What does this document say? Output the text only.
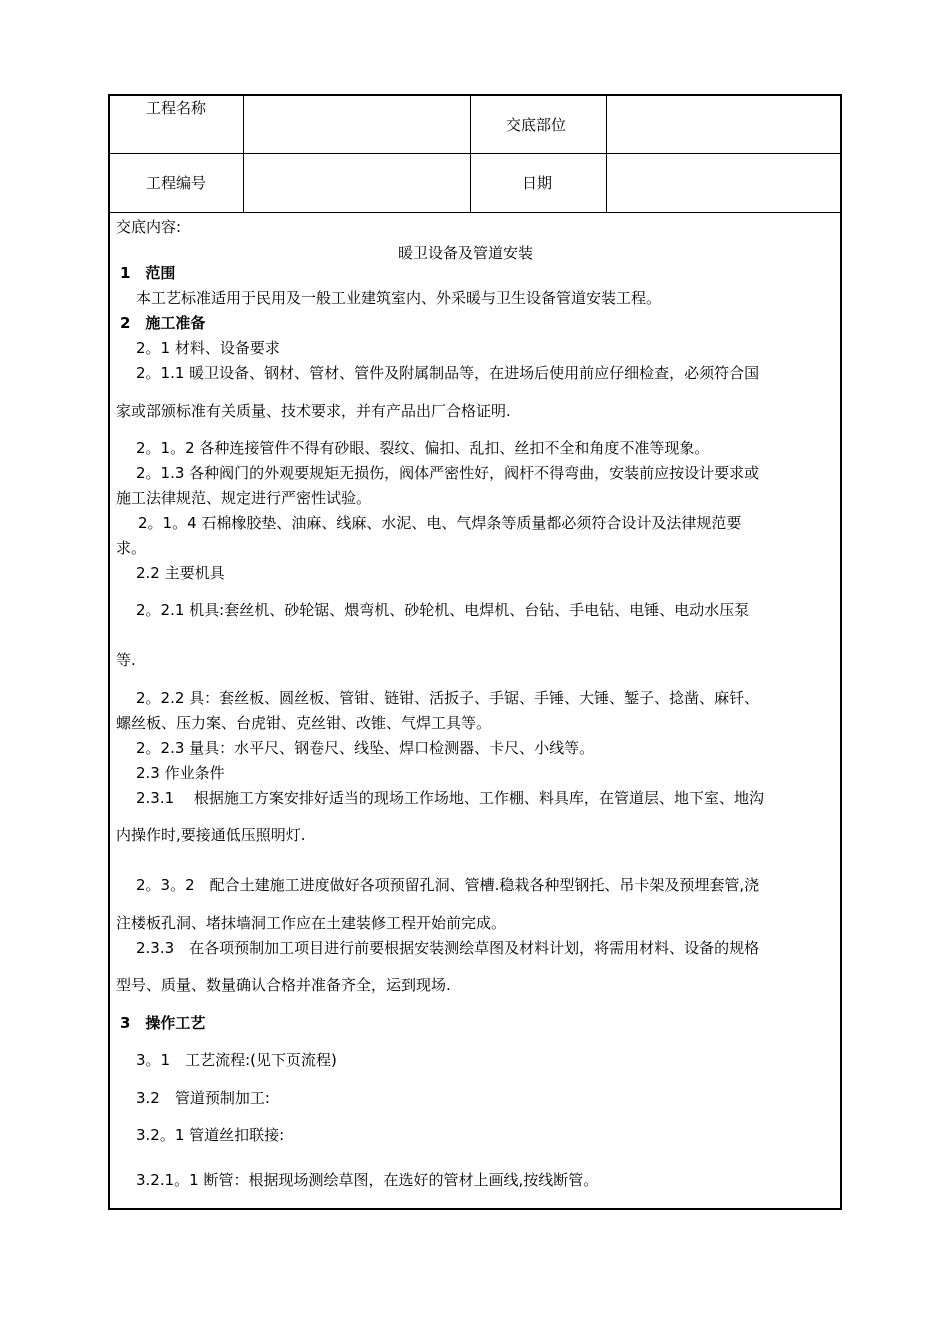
工程名称
交底部位
工程编号	日期
交底内容:
暖卫设备及管道安装
1　范围
本工艺标准适用于民用及一般工业建筑室内、外采暖与卫生设备管道安装工程。
2　施工准备
2。1 材料、设备要求
2。1.1 暖卫设备、钢材、管材、管件及附属制品等，在进场后使用前应仔细检查，必须符合国
家或部颁标准有关质量、技术要求，并有产品出厂合格证明.
2。1。2 各种连接管件不得有砂眼、裂纹、偏扣、乱扣、丝扣不全和角度不准等现象。
2。1.3 各种阀门的外观要规矩无损伤，阀体严密性好，阀杆不得弯曲，安装前应按设计要求或
施工法律规范、规定进行严密性试验。
2。1。4 石棉橡胶垫、油麻、线麻、水泥、电、气焊条等质量都必须符合设计及法律规范要
求。
2.2 主要机具
2。2.1 机具:套丝机、砂轮锯、煨弯机、砂轮机、电焊机、台钻、手电钻、电锤、电动水压泵
等.
2。2.2 具：套丝板、圆丝板、管钳、链钳、活扳子、手锯、手锤、大锤、錾子、捻凿、麻钎、
螺丝板、压力案、台虎钳、克丝钳、改锥、气焊工具等。
2。2.3 量具：水平尺、钢卷尺、线坠、焊口检测器、卡尺、小线等。
2.3 作业条件
2.3.1　 根据施工方案安排好适当的现场工作场地、工作棚、料具库，在管道层、地下室、地沟
内操作时,要接通低压照明灯.
2。3。2　配合土建施工进度做好各项预留孔洞、管槽.稳栽各种型钢托、吊卡架及预埋套管,浇
注楼板孔洞、堵抹墙洞工作应在土建装修工程开始前完成。
2.3.3　在各项预制加工项目进行前要根据安装测绘草图及材料计划，将需用材料、设备的规格
型号、质量、数量确认合格并准备齐全，运到现场.
3　操作工艺
3。1　工艺流程:(见下页流程)
3.2　管道预制加工:
3.2。1 管道丝扣联接:
3.2.1。1 断管：根据现场测绘草图，在选好的管材上画线,按线断管。
